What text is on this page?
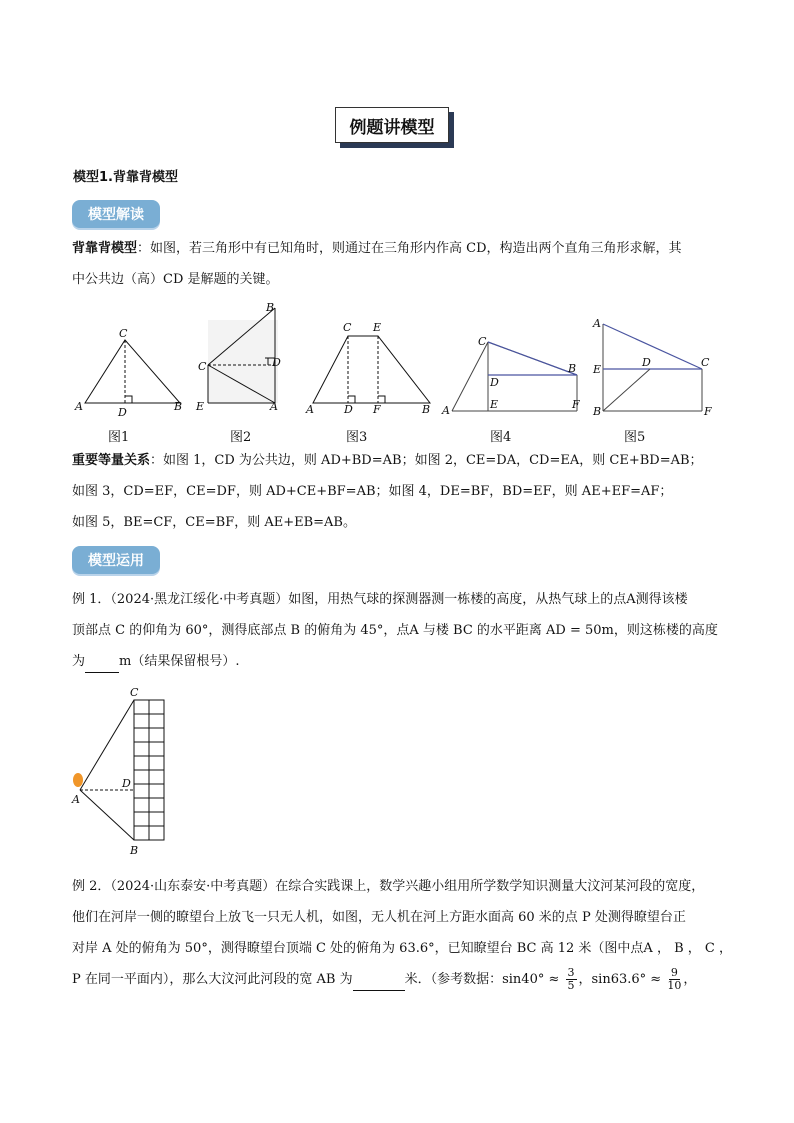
例题讲模型
模型1.背靠背模型
模型解读
背靠背模型：如图，若三角形中有已知角时，则通过在三角形内作高 CD，构造出两个直角三角形求解，其
中公共边（高）CD 是解题的关键。
C
A	D	B
B
C	D
E	A
C E
A	D F	B
C
B
D
E	F
A
A
D	C
E
B	F
图1	图2	图3	图4	图5
重要等量关系：如图 1，CD 为公共边，则 AD+BD=AB；如图 2，CE=DA，CD=EA，则 CE+BD=AB；
如图 3，CD=EF，CE=DF，则 AD+CE+BF=AB；如图 4，DE=BF，BD=EF，则 AE+EF=AF；
如图 5，BE=CF，CE=BF，则 AE+EB=AB。
模型运用
例 1．（2024·黑龙江绥化·中考真题）如图，用热气球的探测器测一栋楼的高度，从热气球上的点A测得该楼
顶部点 C 的仰角为 60°，测得底部点 B 的俯角为 45°，点A 与楼 BC 的水平距离 AD = 50m，则这栋楼的高度
为	m（结果保留根号）.
C
D
A
B
例 2．（2024·山东泰安·中考真题）在综合实践课上，数学兴趣小组用所学数学知识测量大汶河某河段的宽度，
他们在河岸一侧的瞭望台上放飞一只无人机，如图，无人机在河上方距水面高 60 米的点 P 处测得瞭望台正
对岸 A 处的俯角为 50°，测得瞭望台顶端 C 处的俯角为 63.6°，已知瞭望台 BC 高 12 米（图中点A ， B ， C ，
P 在同一平面内），那么大汶河此河段的宽 AB 为	米．（参考数据：$\sin 40^\circ \approx \frac{3}{5}$ ，$\sin 63.6^\circ \approx \frac{9}{10}$ ，
